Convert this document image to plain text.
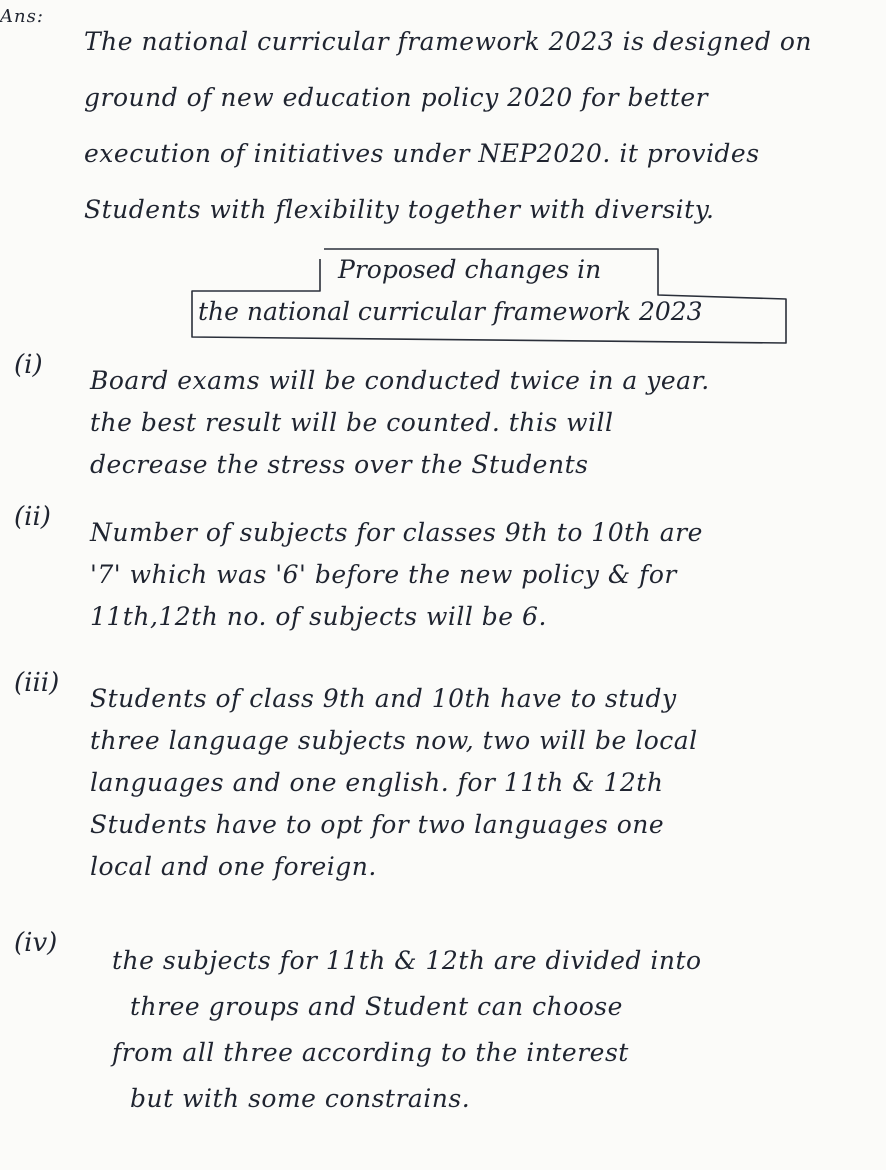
Ans:
The national curricular framework 2023 is designed on
ground of new education policy 2020 for better
execution of initiatives under NEP2020. it provides
Students with flexibility together with diversity.
Proposed changes in
the national curricular framework 2023
(i)
Board exams will be conducted twice in a year.
the best result will be counted. this will
decrease the stress over the Students
(ii)
Number of subjects for classes 9th to 10th are
'7' which was '6' before the new policy & for
11th,12th no. of subjects will be 6.
(iii)
Students of class 9th and 10th have to study
three language subjects now, two will be local
languages and one english. for 11th & 12th
Students have to opt for two languages one
local and one foreign.
(iv)
the subjects for 11th & 12th are divided into
three groups and Student can choose
from all three according to the interest
but with some constrains.
